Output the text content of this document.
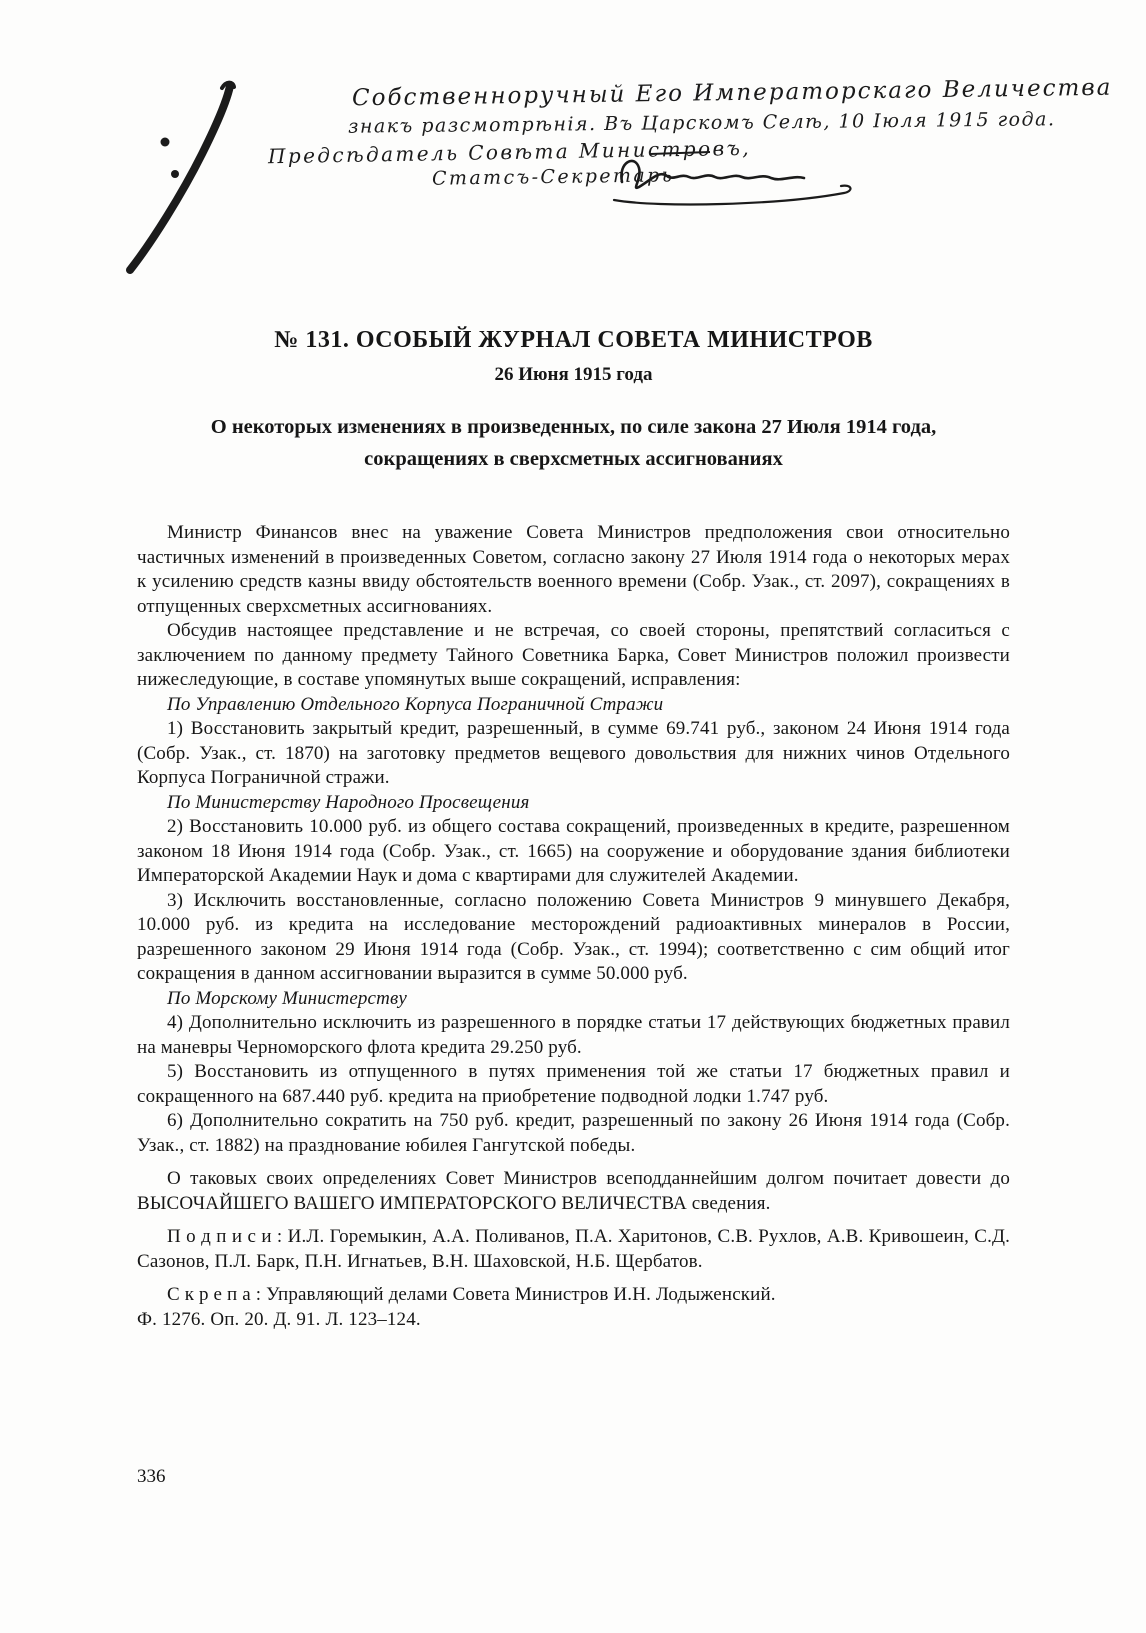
Собственноручный Его Императорскаго Величества
знакъ разсмотрѣнія. Въ Царскомъ Селѣ, 10 Іюля 1915 года.
Предсѣдатель Совѣта Министровъ,
Статсъ-Секретарь
№ 131. ОСОБЫЙ ЖУРНАЛ СОВЕТА МИНИСТРОВ
26 Июня 1915 года
О некоторых изменениях в произведенных, по силе закона 27 Июля 1914 года,
сокращениях в сверхсметных ассигнованиях

Министр Финансов внес на уважение Совета Министров предположения свои относительно частичных изменений в произведенных Советом, согласно закону 27 Июля 1914 года о некоторых мерах к усилению средств казны ввиду обстоятельств военного времени (Собр. Узак., ст. 2097), сокращениях в отпущенных сверхсметных ассигнованиях.

Обсудив настоящее представление и не встречая, со своей стороны, препятствий согласиться с заключением по данному предмету Тайного Советника Барка, Совет Министров положил произвести нижеследующие, в составе упомянутых выше сокращений, исправления:

По Управлению Отдельного Корпуса Пограничной Стражи

1) Восстановить закрытый кредит, разрешенный, в сумме 69.741 руб., законом 24 Июня 1914 года (Собр. Узак., ст. 1870) на заготовку предметов вещевого довольствия для нижних чинов Отдельного Корпуса Пограничной стражи.

По Министерству Народного Просвещения

2) Восстановить 10.000 руб. из общего состава сокращений, произведенных в кредите, разрешенном законом 18 Июня 1914 года (Собр. Узак., ст. 1665) на сооружение и оборудование здания библиотеки Императорской Академии Наук и дома с квартирами для служителей Академии.

3) Исключить восстановленные, согласно положению Совета Министров 9 минувшего Декабря, 10.000 руб. из кредита на исследование месторождений радиоактивных минералов в России, разрешенного законом 29 Июня 1914 года (Собр. Узак., ст. 1994); соответственно с сим общий итог сокращения в данном ассигновании выразится в сумме 50.000 руб.

По Морскому Министерству

4) Дополнительно исключить из разрешенного в порядке статьи 17 действующих бюджетных правил на маневры Черноморского флота кредита 29.250 руб.

5) Восстановить из отпущенного в путях применения той же статьи 17 бюджетных правил и сокращенного на 687.440 руб. кредита на приобретение подводной лодки 1.747 руб.

6) Дополнительно сократить на 750 руб. кредит, разрешенный по закону 26 Июня 1914 года (Собр. Узак., ст. 1882) на празднование юбилея Гангутской победы.

О таковых своих определениях Совет Министров всеподданнейшим долгом почитает довести до ВЫСОЧАЙШЕГО ВАШЕГО ИМПЕРАТОРСКОГО ВЕЛИЧЕСТВА сведения.

П о д п и с и : И.Л. Горемыкин, А.А. Поливанов, П.А. Харитонов, С.В. Рухлов, А.В. Кривошеин, С.Д. Сазонов, П.Л. Барк, П.Н. Игнатьев, В.Н. Шаховской, Н.Б. Щербатов.

С к р е п а : Управляющий делами Совета Министров И.Н. Лодыженский.

Ф. 1276. Оп. 20. Д. 91. Л. 123–124.

336
